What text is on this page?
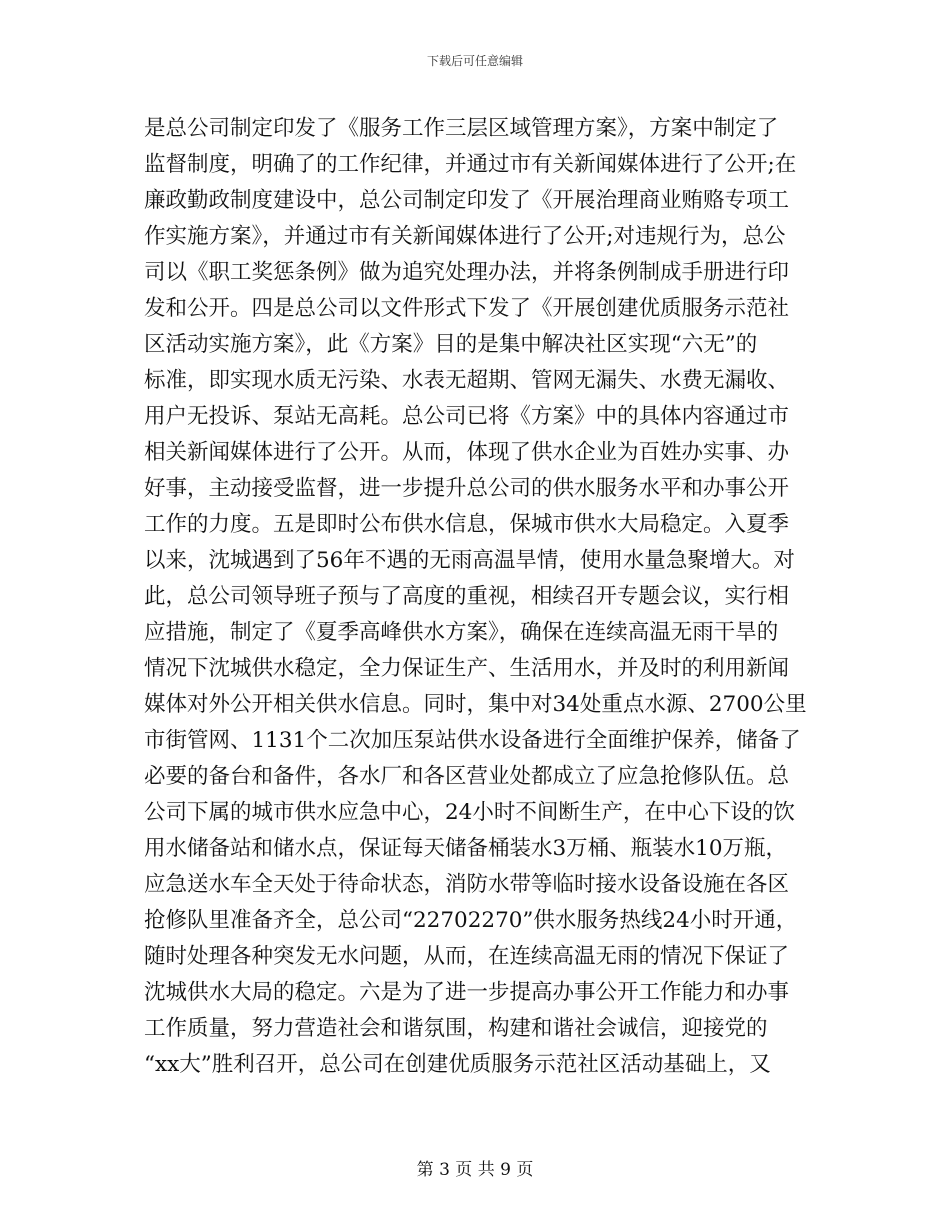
下载后可任意编辑
是总公司制定印发了《服务工作三层区域管理方案》，方案中制定了
监督制度，明确了的工作纪律，并通过市有关新闻媒体进行了公开;在
廉政勤政制度建设中，总公司制定印发了《开展治理商业贿赂专项工
作实施方案》，并通过市有关新闻媒体进行了公开;对违规行为，总公
司以《职工奖惩条例》做为追究处理办法，并将条例制成手册进行印
发和公开。四是总公司以文件形式下发了《开展创建优质服务示范社
区活动实施方案》，此《方案》目的是集中解决社区实现“六无”的
标准，即实现水质无污染、水表无超期、管网无漏失、水费无漏收、
用户无投诉、泵站无高耗。总公司已将《方案》中的具体内容通过市
相关新闻媒体进行了公开。从而，体现了供水企业为百姓办实事、办
好事，主动接受监督，进一步提升总公司的供水服务水平和办事公开
工作的力度。五是即时公布供水信息，保城市供水大局稳定。入夏季
以来，沈城遇到了56年不遇的无雨高温旱情，使用水量急聚增大。对
此，总公司领导班子预与了高度的重视，相续召开专题会议，实行相
应措施，制定了《夏季高峰供水方案》，确保在连续高温无雨干旱的
情况下沈城供水稳定，全力保证生产、生活用水，并及时的利用新闻
媒体对外公开相关供水信息。同时，集中对34处重点水源、2700公里
市街管网、1131个二次加压泵站供水设备进行全面维护保养，储备了
必要的备台和备件，各水厂和各区营业处都成立了应急抢修队伍。总
公司下属的城市供水应急中心，24小时不间断生产，在中心下设的饮
用水储备站和储水点，保证每天储备桶装水3万桶、瓶装水10万瓶，
应急送水车全天处于待命状态，消防水带等临时接水设备设施在各区
抢修队里准备齐全，总公司“22702270”供水服务热线24小时开通，
随时处理各种突发无水问题，从而，在连续高温无雨的情况下保证了
沈城供水大局的稳定。六是为了进一步提高办事公开工作能力和办事
工作质量，努力营造社会和谐氛围，构建和谐社会诚信，迎接党的
“xx大”胜利召开，总公司在创建优质服务示范社区活动基础上，又
第 3 页 共 9 页
